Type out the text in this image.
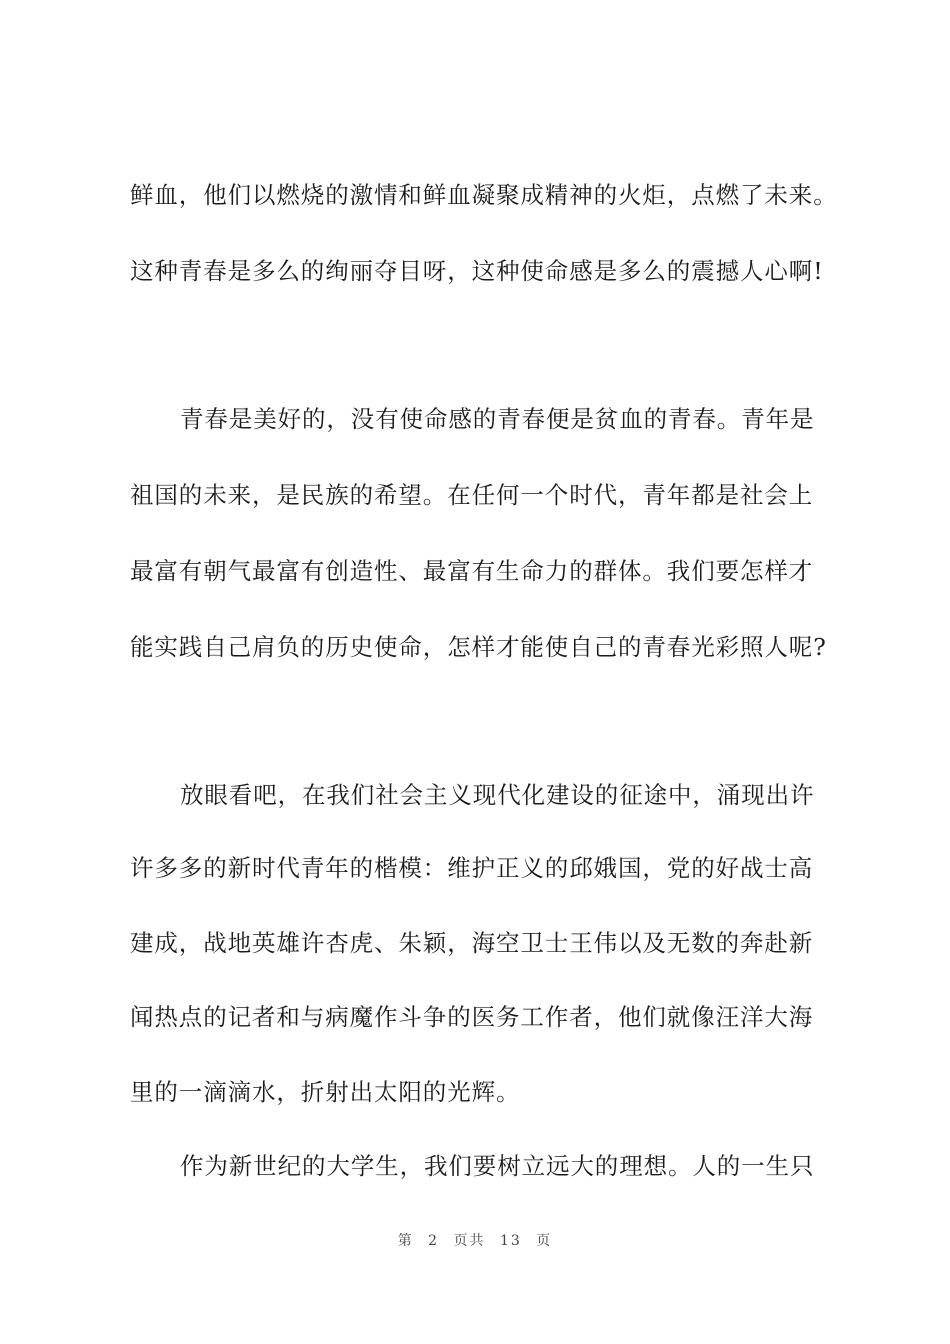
鲜血，他们以燃烧的激情和鲜血凝聚成精神的火炬，点燃了未来。
这种青春是多么的绚丽夺目呀，这种使命感是多么的震撼人心啊!
青春是美好的，没有使命感的青春便是贫血的青春。青年是
祖国的未来，是民族的希望。在任何一个时代，青年都是社会上
最富有朝气最富有创造性、最富有生命力的群体。我们要怎样才
能实践自己肩负的历史使命，怎样才能使自己的青春光彩照人呢?
放眼看吧，在我们社会主义现代化建设的征途中，涌现出许
许多多的新时代青年的楷模：维护正义的邱娥国，党的好战士高
建成，战地英雄许杏虎、朱颖，海空卫士王伟以及无数的奔赴新
闻热点的记者和与病魔作斗争的医务工作者，他们就像汪洋大海
里的一滴滴水，折射出太阳的光辉。
作为新世纪的大学生，我们要树立远大的理想。人的一生只
第 2 页共 13 页
